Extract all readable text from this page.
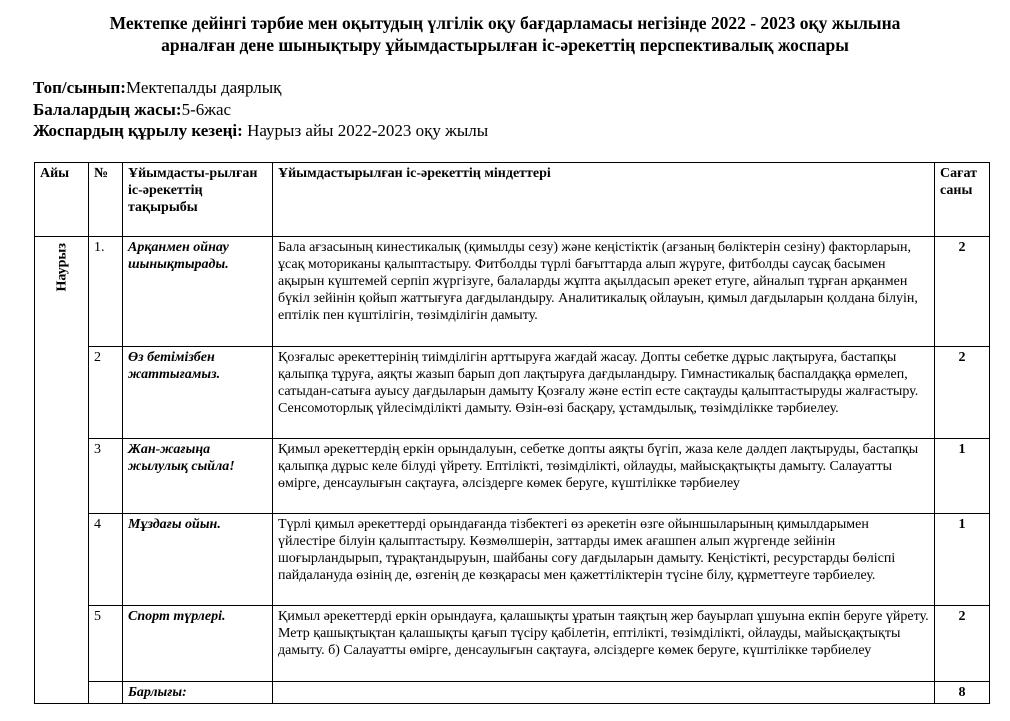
Мектепке дейінгі тәрбие мен оқытудың үлгілік оқу бағдарламасы негізінде 2022 - 2023 оқу жылына
арналған дене шынықтыру ұйымдастырылған іс-әрекеттің перспективалық жоспары
Топ/сынып:Мектепалды даярлық
Балалардың жасы:5-6жас
Жоспардың құрылу кезеңі: Наурыз айы 2022-2023 оқу жылы
Айы	№	Ұйымдасты-рылған іс-әрекеттің тақырыбы	Ұйымдастырылған іс-әрекеттің міндеттері	Сағат саны

Наурыз	1.	Арқанмен ойнау шынықтырады.	Бала ағзасының кинестикалық (қимылды сезу) және кеңістіктік (ағзаның бөліктерін сезіну) факторларын, ұсақ моториканы қалыптастыру. Фитболды түрлі бағыттарда алып жүруге, фитболды саусақ басымен ақырын күштемей серпіп жүргізуге, балаларды жұпта ақылдасып әрекет етуге, айналып тұрған арқанмен бүкіл зейінін қойып жаттығуға дағдыландыру. Аналитикалық ойлауын, қимыл дағдыларын қолдана білуін, ептілік пен күштілігін, төзімділігін дамыту.	2
	2	Өз бетімізбен жаттығамыз.	Қозғалыс әрекеттерінің тиімділігін арттыруға жағдай жасау. Допты себетке дұрыс лақтыруға, бастапқы қалыпқа тұруға, аяқты жазып барып доп лақтыруға дағдыландыру. Гимнастикалық баспалдаққа өрмелеп, сатыдан-сатыға ауысу дағдыларын дамыту Қозғалу және естіп есте сақтауды қалыптастыруды жалғастыру. Сенсомоторлық үйлесімділікті дамыту. Өзін-өзі басқару, ұстамдылық, төзімділікке тәрбиелеу.	2
	3	Жан-жағыңа жылулық сыйла!	Қимыл әрекеттердің еркін орындалуын, себетке допты аяқты бүгіп, жаза келе дәлдеп лақтыруды, бастапқы қалыпқа дұрыс келе білуді үйрету. Ептілікті, төзімділікті, ойлауды, майысқақтықты дамыту. Салауатты өмірге, денсаулығын сақтауға, әлсіздерге көмек беруге, күштілікке тәрбиелеу	1
	4	Мұздағы ойын.	Түрлі қимыл әрекеттерді орындағанда тізбектегі өз әрекетін өзге ойыншыларының қимылдарымен үйлестіре білуін қалыптастыру. Көзмөлшерін, заттарды имек ағашпен алып жүргенде зейінін шоғырландырып, тұрақтандыруын, шайбаны соғу дағдыларын дамыту. Кеңістікті, ресурстарды бөліспі пайдалануда өзінің де, өзгенің де көзқарасы мен қажеттіліктерін түсіне білу, құрметтеуге тәрбиелеу.	1
	5	Спорт түрлері.	Қимыл әрекеттерді еркін орындауға, қалашықты ұратын таяқтың жер бауырлап ұшуына екпін беруге үйрету. Метр қашықтықтан қалашықты қағып түсіру қабілетін, ептілікті, төзімділікті, ойлауды, майысқақтықты дамыту. б) Салауатты өмірге, денсаулығын сақтауға, әлсіздерге көмек беруге, күштілікке тәрбиелеу	2
		Барлығы:		8
